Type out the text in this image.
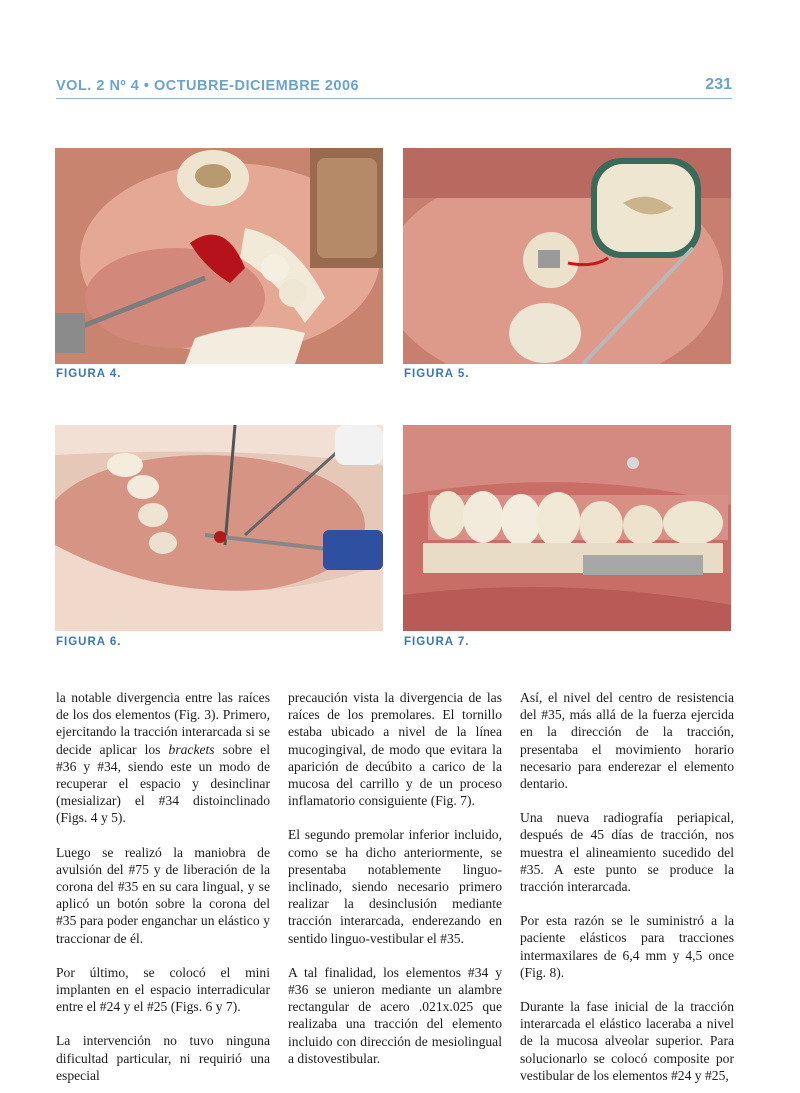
VOL. 2 Nº 4 • OCTUBRE-DICIEMBRE 2006	231
FIGURA 4.	FIGURA 5.
FIGURA 6.	FIGURA 7.

la notable divergencia entre las raíces de los dos elementos (Fig. 3). Primero, ejercitando la tracción interarcada si se decide aplicar los brackets sobre el #36 y #34, siendo este un modo de recuperar el espacio y desinclinar (mesializar) el #34 distoinclinado (Figs. 4 y 5).

Luego se realizó la maniobra de avulsión del #75 y de liberación de la corona del #35 en su cara lingual, y se aplicó un botón sobre la corona del #35 para poder enganchar un elástico y traccionar de él.

Por último, se colocó el mini implanten en el espacio interradicular entre el #24 y el #25 (Figs. 6 y 7).

La intervención no tuvo ninguna dificultad particular, ni requirió una especial

precaución vista la divergencia de las raíces de los premolares. El tornillo estaba ubicado a nivel de la línea mucogingival, de modo que evitara la aparición de decúbito a carico de la mucosa del carrillo y de un proceso inflamatorio consiguiente (Fig. 7).

El segundo premolar inferior incluido, como se ha dicho anteriormente, se presentaba notablemente linguo-inclinado, siendo necesario primero realizar la desinclusión mediante tracción interarcada, enderezando en sentido linguo-vestibular el #35.

A tal finalidad, los elementos #34 y #36 se unieron mediante un alambre rectangular de acero .021x.025 que realizaba una tracción del elemento incluido con dirección de mesiolingual a distovestibular.

Así, el nivel del centro de resistencia del #35, más allá de la fuerza ejercida en la dirección de la tracción, presentaba el movimiento horario necesario para enderezar el elemento dentario.

Una nueva radiografía periapical, después de 45 días de tracción, nos muestra el alineamiento sucedido del #35. A este punto se produce la tracción interarcada.

Por esta razón se le suministró a la paciente elásticos para tracciones intermaxilares de 6,4 mm y 4,5 once (Fig. 8).

Durante la fase inicial de la tracción interarcada el elástico laceraba a nivel de la mucosa alveolar superior. Para solucionarlo se colocó composite por vestibular de los elementos #24 y #25,
